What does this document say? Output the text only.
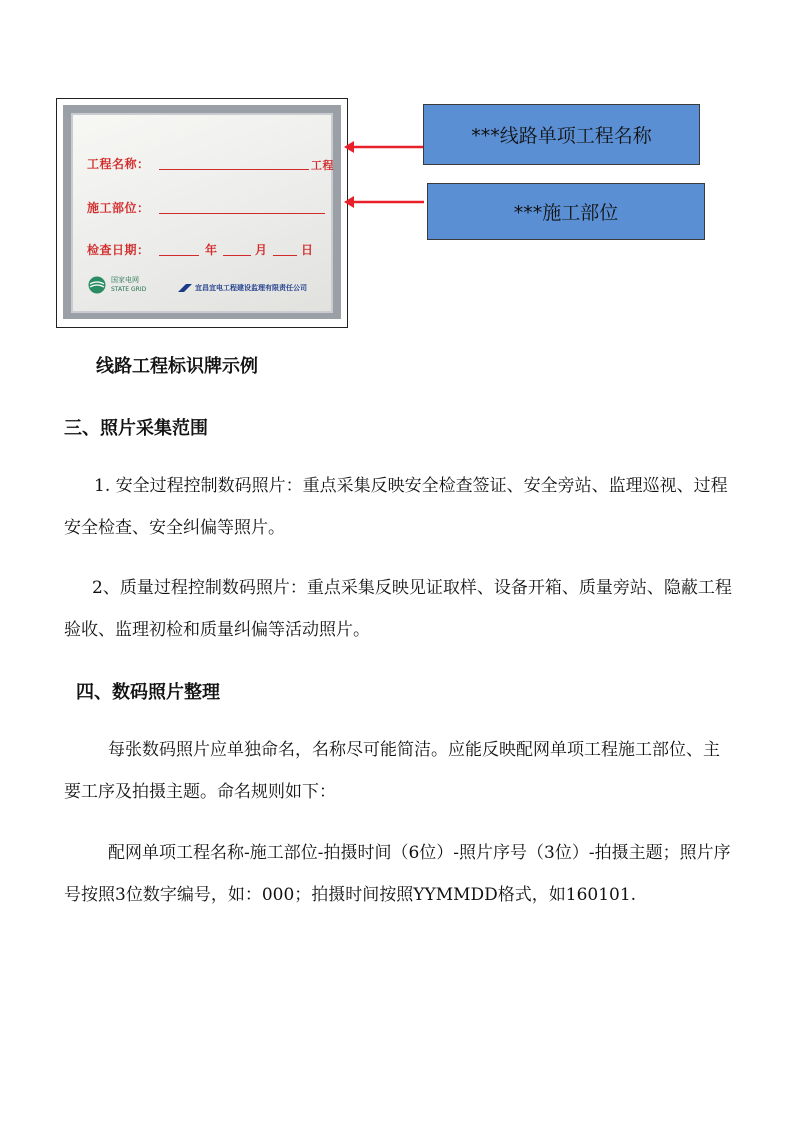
工程名称：	工程
施工部位：
检查日期：	年	月	日
国家电网
STATE GRID	宜昌宜电工程建设监理有限责任公司
***线路单项工程名称
***施工部位
线路工程标识牌示例
三、照片采集范围
1. 安全过程控制数码照片：重点采集反映安全检查签证、安全旁站、监理巡视、过程安全检查、安全纠偏等照片。
2、质量过程控制数码照片：重点采集反映见证取样、设备开箱、质量旁站、隐蔽工程验收、监理初检和质量纠偏等活动照片。
四、数码照片整理
每张数码照片应单独命名，名称尽可能简洁。应能反映配网单项工程施工部位、主要工序及拍摄主题。命名规则如下：
配网单项工程名称-施工部位-拍摄时间（6位）-照片序号（3位）-拍摄主题；照片序号按照3位数字编号，如：000；拍摄时间按照YYMMDD格式，如160101.
